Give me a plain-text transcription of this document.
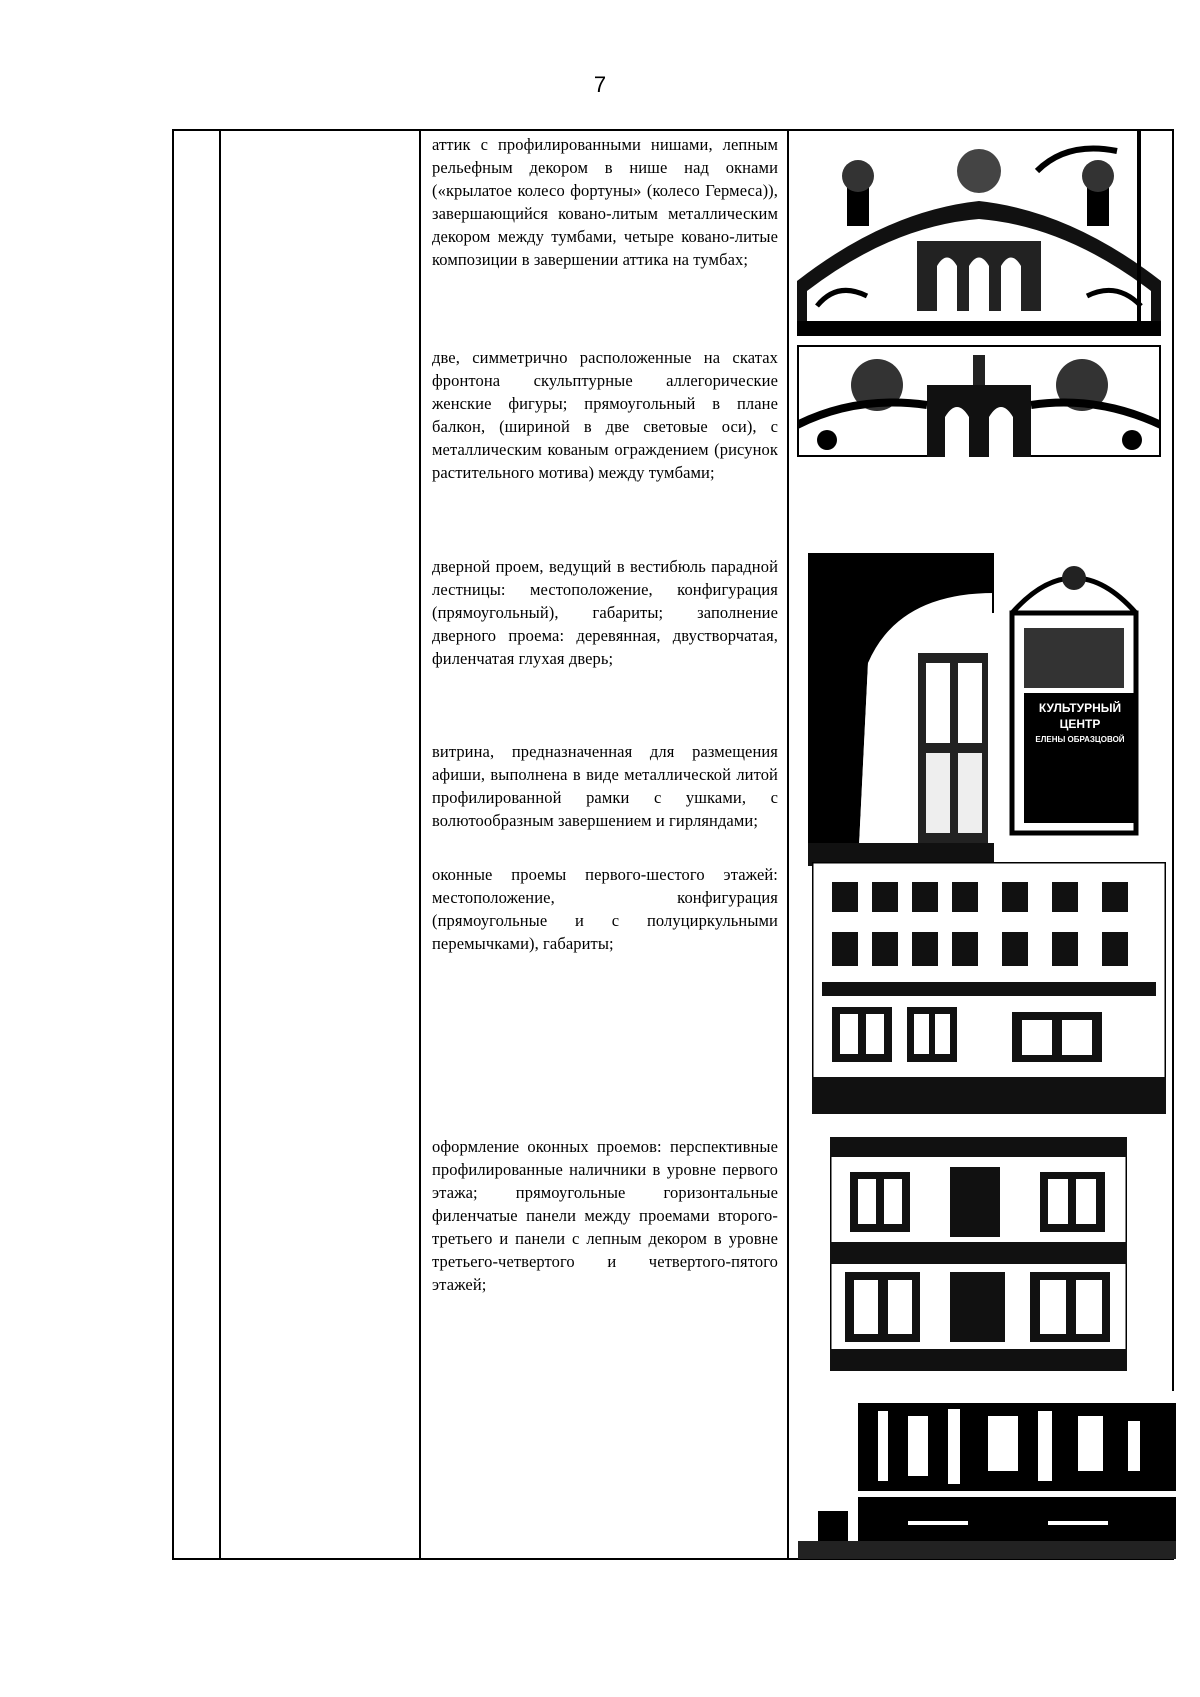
7
аттик с профилированными нишами, лепным рельефным декором в нише над окнами («крылатое колесо фортуны» (колесо Гермеса)), завершающийся ковано-литым металлическим декором между тумбами, четыре ковано-литые композиции в завершении аттика на тумбах;
две, симметрично расположенные на скатах фронтона скульптурные аллегорические женские фигуры; прямоугольный в плане балкон, (шириной в две световые оси), с металлическим кованым ограждением (рисунок растительного мотива) между тумбами;
дверной проем, ведущий в вестибюль парадной лестницы: местоположение, конфигурация (прямоугольный), габариты; заполнение дверного проема: деревянная, двустворчатая, филенчатая глухая дверь;
витрина, предназначенная для размещения афиши, выполнена в виде металлической литой профилированной рамки с ушками, с волютообразным завершением и гирляндами;
оконные проемы первого-шестого этажей: местоположение, конфигурация (прямоугольные и с полуциркульными перемычками), габариты;
оформление оконных проемов: перспективные профилированные наличники в уровне первого этажа; прямоугольные горизонтальные филенчатые панели между проемами второго-третьего и панели с лепным декором в уровне третьего-четвертого и четвертого-пятого этажей;
КУЛЬТУРНЫЙ
ЦЕНТР
ЕЛЕНЫ ОБРАЗЦОВОЙ
